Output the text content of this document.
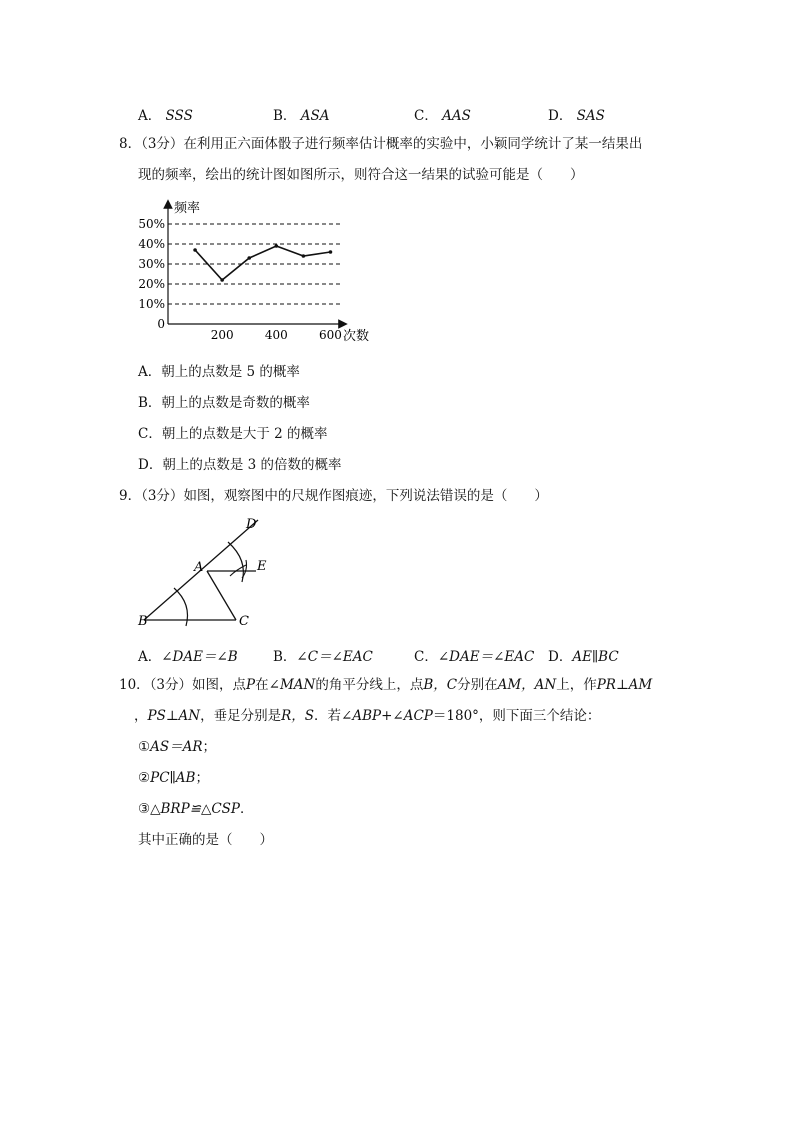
A． SSS	B． ASA	C． AAS	D． SAS
8．（3分）在利用正六面体骰子进行频率估计概率的实验中，小颖同学统计了某一结果出
现的频率，绘出的统计图如图所示，则符合这一结果的试验可能是（　　）
频率
次数
0
10%
20%
30%
40%
50%
200	400	600
A．朝上的点数是 5 的概率
B．朝上的点数是奇数的概率
C．朝上的点数是大于 2 的概率
D．朝上的点数是 3 的倍数的概率
9．（3分）如图，观察图中的尺规作图痕迹，下列说法错误的是（　　）
D
A	E
B	C
A．∠DAE＝∠B	B．∠C＝∠EAC	C．∠DAE＝∠EAC D．AE∥BC
10．（3分）如图，点P在∠MAN的角平分线上，点B，C分别在AM，AN上，作PR⊥AM
，PS⊥AN，垂足分别是R，S．若∠ABP+∠ACP＝180°，则下面三个结论：
①AS＝AR；
②PC∥AB；
③△BRP≌△CSP．
其中正确的是（　　）
